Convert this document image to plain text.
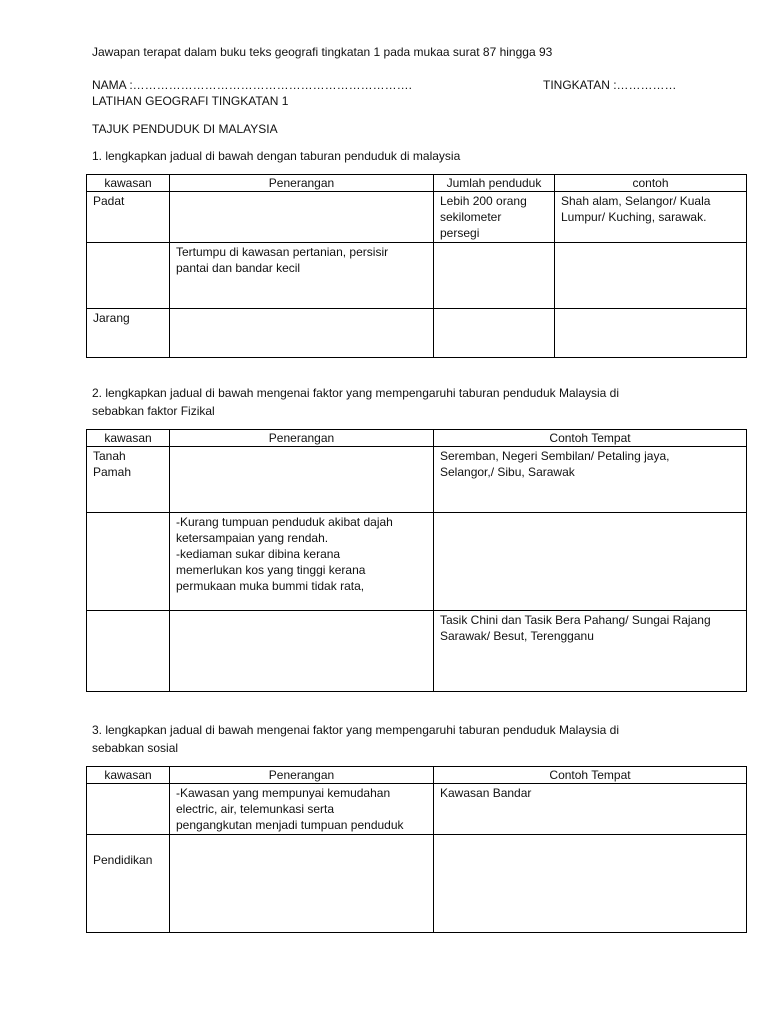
Jawapan terapat dalam buku teks geografi tingkatan 1 pada mukaa surat 87 hingga 93
NAMA :…………………………………………………………….	TINGKATAN :……………
LATIHAN GEOGRAFI TINGKATAN 1
TAJUK PENDUDUK DI MALAYSIA
1. lengkapkan jadual di bawah dengan taburan penduduk di malaysia
kawasan	Penerangan	Jumlah penduduk	contoh
Padat		Lebih 200 orang
sekilometer
persegi	Shah alam, Selangor/ Kuala
Lumpur/ Kuching, sarawak.
	Tertumpu di kawasan pertanian, persisir
pantai dan bandar kecil		
Jarang			
2. lengkapkan jadual di bawah mengenai faktor yang mempengaruhi taburan penduduk Malaysia di
sebabkan faktor Fizikal
kawasan	Penerangan	Contoh Tempat
Tanah
Pamah		Seremban, Negeri Sembilan/ Petaling jaya,
Selangor,/ Sibu, Sarawak
	-Kurang tumpuan penduduk akibat dajah
ketersampaian yang rendah.
-kediaman sukar dibina kerana
memerlukan kos yang tinggi kerana
permukaan muka bummi tidak rata,	
		Tasik Chini dan Tasik Bera Pahang/ Sungai Rajang
Sarawak/ Besut, Terengganu
3. lengkapkan jadual di bawah mengenai faktor yang mempengaruhi taburan penduduk Malaysia di
sebabkan sosial
kawasan	Penerangan	Contoh Tempat
	-Kawasan yang mempunyai kemudahan
electric, air, telemunkasi serta
pengangkutan menjadi tumpuan penduduk	Kawasan Bandar

Pendidikan		
